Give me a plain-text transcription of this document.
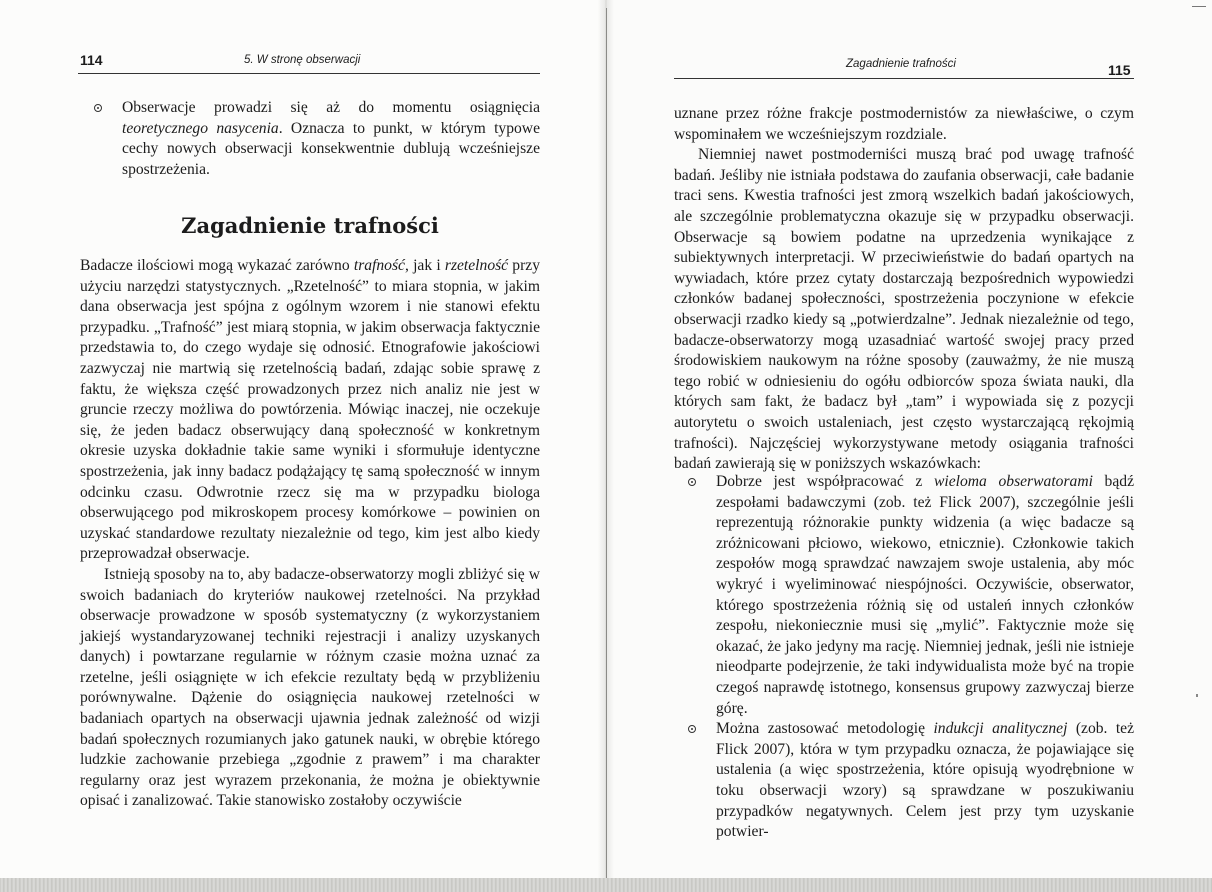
114	5. W stronę obserwacji

Obserwacje prowadzi się aż do momentu osiągnięcia teoretycznego nasycenia. Oznacza to punkt, w którym typowe cechy nowych obserwacji konsekwentnie dublują wcześniejsze spostrzeżenia.

Zagadnienie trafności

Badacze ilościowi mogą wykazać zarówno trafność, jak i rzetelność przy użyciu narzędzi statystycznych. „Rzetelność” to miara stopnia, w jakim dana obserwacja jest spójna z ogólnym wzorem i nie stanowi efektu przypadku. „Trafność” jest miarą stopnia, w jakim obserwacja faktycznie przedstawia to, do czego wydaje się odnosić. Etnografowie jakościowi zazwyczaj nie martwią się rzetelnością badań, zdając sobie sprawę z faktu, że większa część prowadzonych przez nich analiz nie jest w gruncie rzeczy możliwa do powtórzenia. Mówiąc inaczej, nie oczekuje się, że jeden badacz obserwujący daną społeczność w konkretnym okresie uzyska dokładnie takie same wyniki i sformułuje identyczne spostrzeżenia, jak inny badacz podążający tę samą społeczność w innym odcinku czasu. Odwrotnie rzecz się ma w przypadku biologa obserwującego pod mikroskopem procesy komórkowe – powinien on uzyskać standardowe rezultaty niezależnie od tego, kim jest albo kiedy przeprowadzał obserwacje.

Istnieją sposoby na to, aby badacze-obserwatorzy mogli zbliżyć się w swoich badaniach do kryteriów naukowej rzetelności. Na przykład obserwacje prowadzone w sposób systematyczny (z wykorzystaniem jakiejś wystandaryzowanej techniki rejestracji i analizy uzyskanych danych) i powtarzane regularnie w różnym czasie można uznać za rzetelne, jeśli osiągnięte w ich efekcie rezultaty będą w przybliżeniu porównywalne. Dążenie do osiągnięcia naukowej rzetelności w badaniach opartych na obserwacji ujawnia jednak zależność od wizji badań społecznych rozumianych jako gatunek nauki, w obrębie którego ludzkie zachowanie przebiega „zgodnie z prawem” i ma charakter regularny oraz jest wyrazem przekonania, że można je obiektywnie opisać i zanalizować. Takie stanowisko zostałoby oczywiście

Zagadnienie trafności	115

uznane przez różne frakcje postmodernistów za niewłaściwe, o czym wspominałem we wcześniejszym rozdziale.

Niemniej nawet postmoderniści muszą brać pod uwagę trafność badań. Jeśliby nie istniała podstawa do zaufania obserwacji, całe badanie traci sens. Kwestia trafności jest zmorą wszelkich badań jakościowych, ale szczególnie problematyczna okazuje się w przypadku obserwacji. Obserwacje są bowiem podatne na uprzedzenia wynikające z subiektywnych interpretacji. W przeciwieństwie do badań opartych na wywiadach, które przez cytaty dostarczają bezpośrednich wypowiedzi członków badanej społeczności, spostrzeżenia poczynione w efekcie obserwacji rzadko kiedy są „potwierdzalne”. Jednak niezależnie od tego, badacze-obserwatorzy mogą uzasadniać wartość swojej pracy przed środowiskiem naukowym na różne sposoby (zauważmy, że nie muszą tego robić w odniesieniu do ogółu odbiorców spoza świata nauki, dla których sam fakt, że badacz był „tam” i wypowiada się z pozycji autorytetu o swoich ustaleniach, jest często wystarczającą rękojmią trafności). Najczęściej wykorzystywane metody osiągania trafności badań zawierają się w poniższych wskazówkach:

Dobrze jest współpracować z wieloma obserwatorami bądź zespołami badawczymi (zob. też Flick 2007), szczególnie jeśli reprezentują różnorakie punkty widzenia (a więc badacze są zróżnicowani płciowo, wiekowo, etnicznie). Członkowie takich zespołów mogą sprawdzać nawzajem swoje ustalenia, aby móc wykryć i wyeliminować niespójności. Oczywiście, obserwator, którego spostrzeżenia różnią się od ustaleń innych członków zespołu, niekoniecznie musi się „mylić”. Faktycznie może się okazać, że jako jedyny ma rację. Niemniej jednak, jeśli nie istnieje nieodparte podejrzenie, że taki indywidualista może być na tropie czegoś naprawdę istotnego, konsensus grupowy zazwyczaj bierze górę.

Można zastosować metodologię indukcji analitycznej (zob. też Flick 2007), która w tym przypadku oznacza, że pojawiające się ustalenia (a więc spostrzeżenia, które opisują wyodrębnione w toku obserwacji wzory) są sprawdzane w poszukiwaniu przypadków negatywnych. Celem jest przy tym uzyskanie potwier-
